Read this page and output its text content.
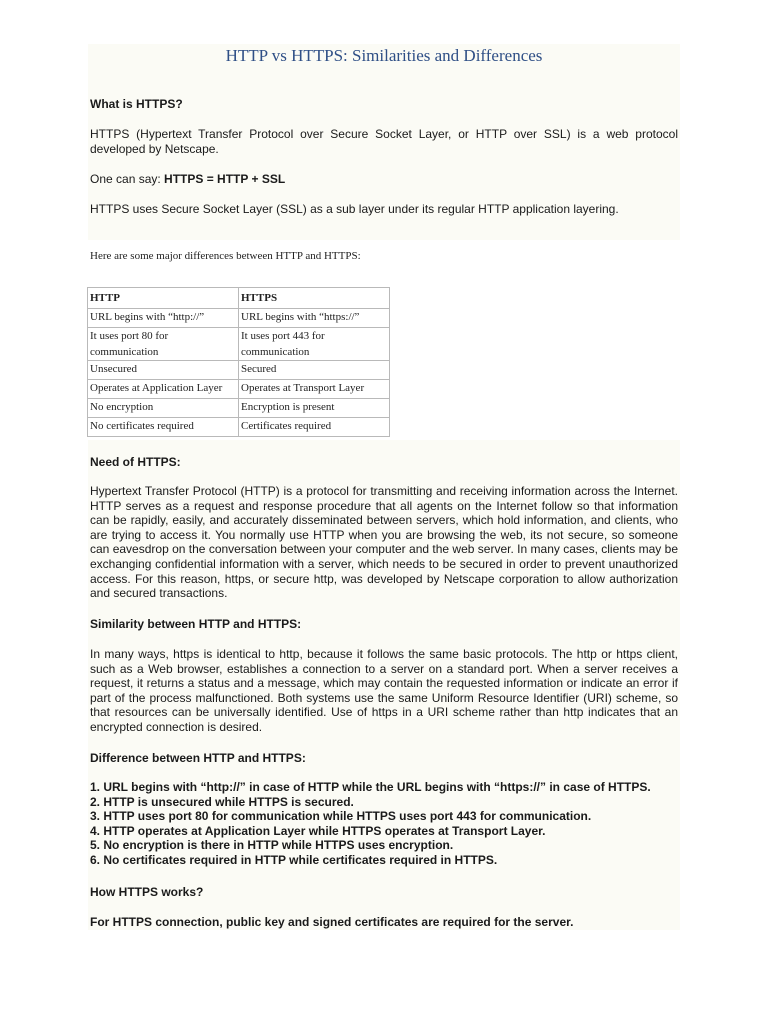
HTTP vs HTTPS: Similarities and Differences
What is HTTPS?
HTTPS (Hypertext Transfer Protocol over Secure Socket Layer, or HTTP over SSL) is a web protocol developed by Netscape.
One can say: HTTPS = HTTP + SSL
HTTPS uses Secure Socket Layer (SSL) as a sub layer under its regular HTTP application layering.
Here are some major differences between HTTP and HTTPS:
HTTP	HTTPS
URL begins with “http://”	URL begins with “https://”
It uses port 80 for communication	It uses port 443 for communication
Unsecured	Secured
Operates at Application Layer	Operates at Transport Layer
No encryption	Encryption is present
No certificates required	Certificates required
Need of HTTPS:
Hypertext Transfer Protocol (HTTP) is a protocol for transmitting and receiving information across the Internet. HTTP serves as a request and response procedure that all agents on the Internet follow so that information can be rapidly, easily, and accurately disseminated between servers, which hold information, and clients, who are trying to access it. You normally use HTTP when you are browsing the web, its not secure, so someone can eavesdrop on the conversation between your computer and the web server. In many cases, clients may be exchanging confidential information with a server, which needs to be secured in order to prevent unauthorized access. For this reason, https, or secure http, was developed by Netscape corporation to allow authorization and secured transactions.
Similarity between HTTP and HTTPS:
In many ways, https is identical to http, because it follows the same basic protocols. The http or https client, such as a Web browser, establishes a connection to a server on a standard port. When a server receives a request, it returns a status and a message, which may contain the requested information or indicate an error if part of the process malfunctioned. Both systems use the same Uniform Resource Identifier (URI) scheme, so that resources can be universally identified. Use of https in a URI scheme rather than http indicates that an encrypted connection is desired.
Difference between HTTP and HTTPS:
1. URL begins with “http://” in case of HTTP while the URL begins with “https://” in case of HTTPS.
2. HTTP is unsecured while HTTPS is secured.
3. HTTP uses port 80 for communication while HTTPS uses port 443 for communication.
4. HTTP operates at Application Layer while HTTPS operates at Transport Layer.
5. No encryption is there in HTTP while HTTPS uses encryption.
6. No certificates required in HTTP while certificates required in HTTPS.
How HTTPS works?
For HTTPS connection, public key and signed certificates are required for the server.
